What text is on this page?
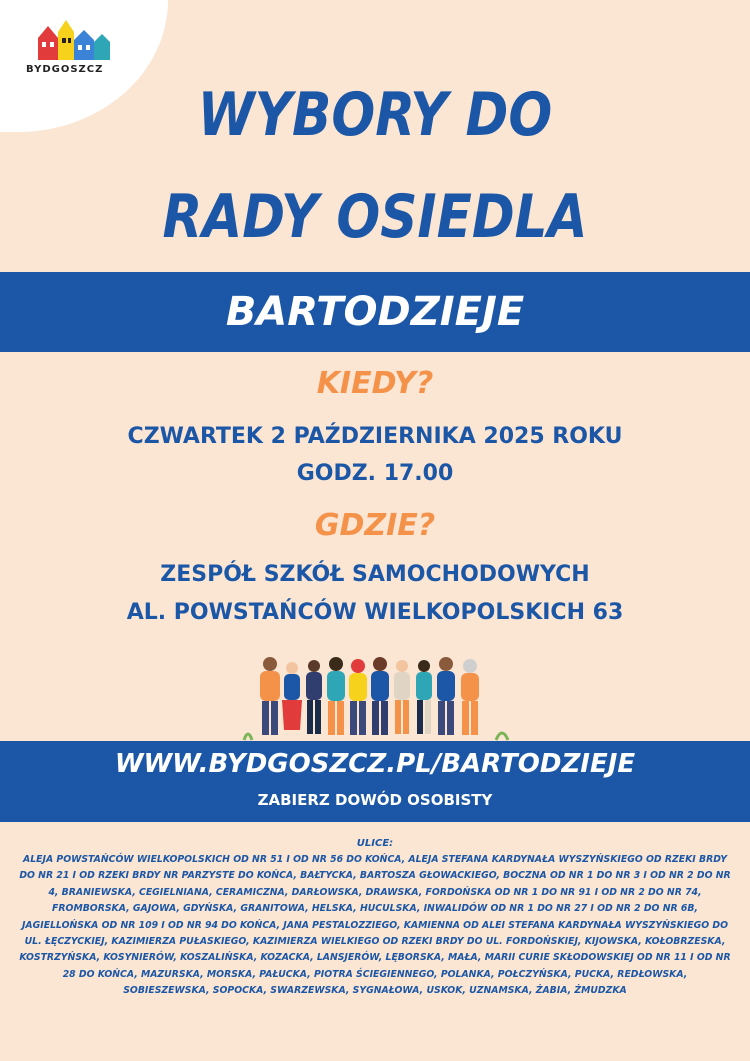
BYDGOSZCZ
WYBORY DO
RADY OSIEDLA
BARTODZIEJE
KIEDY?
CZWARTEK 2 PAŹDZIERNIKA 2025 ROKU
GODZ. 17.00
GDZIE?
ZESPÓŁ SZKÓŁ SAMOCHODOWYCH
AL. POWSTAŃCÓW WIELKOPOLSKICH 63
WWW.BYDGOSZCZ.PL/BARTODZIEJE
ZABIERZ DOWÓD OSOBISTY
ULICE:
ALEJA POWSTAŃCÓW WIELKOPOLSKICH OD NR 51 I OD NR 56 DO KOŃCA, ALEJA STEFANA KARDYNAŁA WYSZYŃSKIEGO OD RZEKI BRDY DO NR 21 I OD RZEKI BRDY NR PARZYSTE DO KOŃCA, BAŁTYCKA, BARTOSZA GŁOWACKIEGO, BOCZNA OD NR 1 DO NR 3 I OD NR 2 DO NR 4, BRANIEWSKA, CEGIELNIANA, CERAMICZNA, DARŁOWSKA, DRAWSKA, FORDOŃSKA OD NR 1 DO NR 91 I OD NR 2 DO NR 74, FROMBORSKA, GAJOWA, GDYŃSKA, GRANITOWA, HELSKA, HUCULSKA, INWALIDÓW OD NR 1 DO NR 27 I OD NR 2 DO NR 6B, JAGIELLOŃSKA OD NR 109 I OD NR 94 DO KOŃCA, JANA PESTALOZZIEGO, KAMIENNA OD ALEI STEFANA KARDYNAŁA WYSZYŃSKIEGO DO UL. ŁĘCZYCKIEJ, KAZIMIERZA PUŁASKIEGO, KAZIMIERZA WIELKIEGO OD RZEKI BRDY DO UL. FORDOŃSKIEJ, KIJOWSKA, KOŁOBRZESKA, KOSTRZYŃSKA, KOSYNIERÓW, KOSZALIŃSKA, KOZACKA, LANSJERÓW, LĘBORSKA, MAŁA, MARII CURIE SKŁODOWSKIEJ OD NR 11 I OD NR 28 DO KOŃCA, MAZURSKA, MORSKA, PAŁUCKA, PIOTRA ŚCIEGIENNEGO, POLANKA, POŁCZYŃSKA, PUCKA, REDŁOWSKA, SOBIESZEWSKA, SOPOCKA, SWARZEWSKA, SYGNAŁOWA, USKOK, UZNAMSKA, ŻABIA, ŻMUDZKA
